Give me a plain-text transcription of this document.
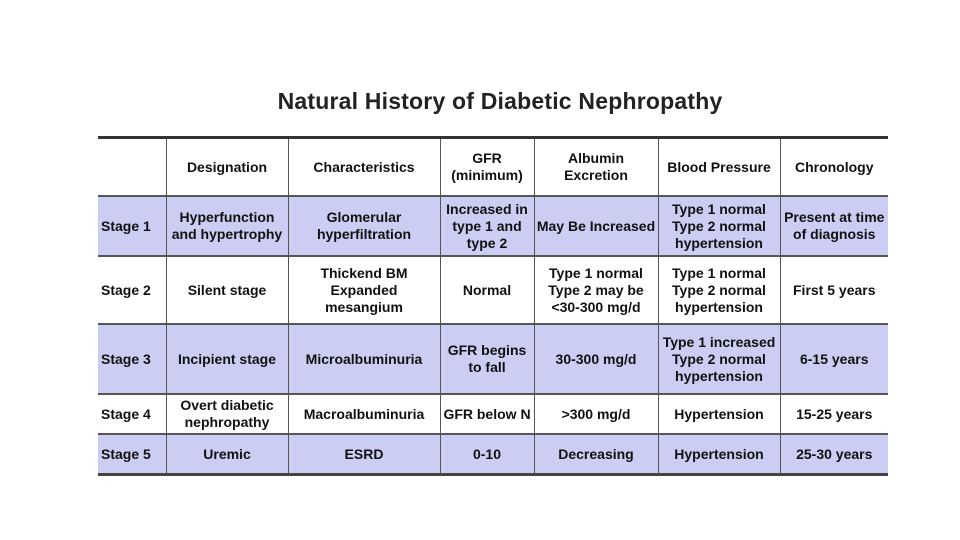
Natural History of Diabetic Nephropathy
	Designation	Characteristics	GFR (minimum)	Albumin Excretion	Blood Pressure	Chronology
Stage 1	Hyperfunction and hypertrophy	Glomerular hyperfiltration	Increased in type 1 and type 2	May Be Increased	Type 1 normal Type 2 normal hypertension	Present at time of diagnosis
Stage 2	Silent stage	Thickend BM Expanded mesangium	Normal	Type 1 normal Type 2 may be <30-300 mg/d	Type 1 normal Type 2 normal hypertension	First 5 years
Stage 3	Incipient stage	Microalbuminuria	GFR begins to fall	30-300 mg/d	Type 1 increased Type 2 normal hypertension	6-15 years
Stage 4	Overt diabetic nephropathy	Macroalbuminuria	GFR below N	>300 mg/d	Hypertension	15-25 years
Stage 5	Uremic	ESRD	0-10	Decreasing	Hypertension	25-30 years
